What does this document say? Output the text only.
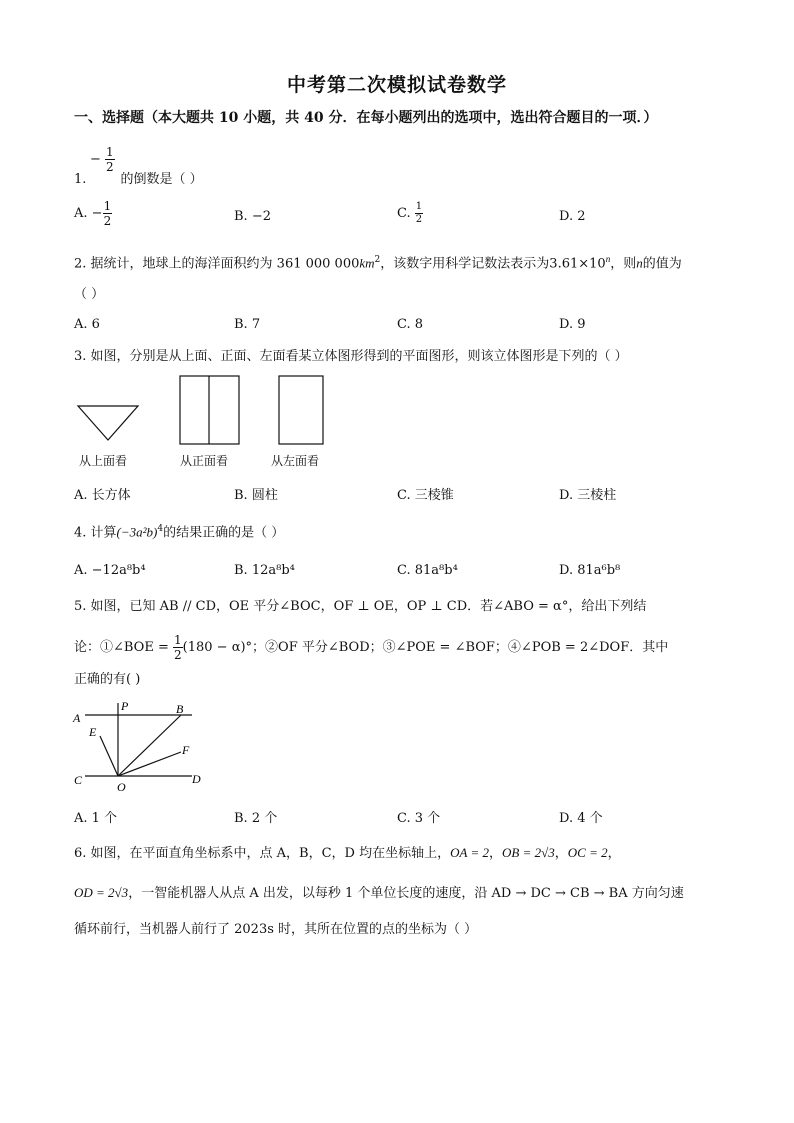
中考第二次模拟试卷数学
一、选择题（本大题共 10 小题，共 40 分．在每小题列出的选项中，选出符合题目的一项．）
− $\frac{1}{2}$
1.	的倒数是（ ）
A. − $\frac{1}{2}$	B. −2	C. $\frac{1}{2}$	D. 2
2. 据统计，地球上的海洋面积约为 361 000 $000km^2$，该数字用科学记数法表示为$3.61\times 10^n$，则n的值为
（ ）
A. 6	B. 7	C. 8	D. 9
3. 如图，分别是从上面、正面、左面看某立体图形得到的平面图形，则该立体图形是下列的（ ）
从上面看	从正面看	从左面看
A. 长方体	B. 圆柱	C. 三棱锥	D. 三棱柱
4. 计算$(-3a^2b)^4$的结果正确的是（ ）
A. −12a⁸b⁴	B. 12a⁸b⁴	C. 81a⁸b⁴	D. 81a⁶b⁸
5. 如图，已知 AB // CD，OE 平分∠BOC，OF ⊥ OE，OP ⊥ CD．若∠ABO = α°，给出下列结
论：①∠BOE = $\frac{1}{2} (180 - \alpha)^\circ$；②OF 平分∠BOD；③∠POE = ∠BOF；④∠POB = 2∠DOF．其中
正确的有( )
A
P	B
E
F
C	O
D
A. 1 个	B. 2 个	C. 3 个	D. 4 个
6. 如图，在平面直角坐标系中，点 A，B，C，D 均在坐标轴上，OA = 2，OB = 2√3，OC = 2，
OD = 2√3，一智能机器人从点 A 出发，以每秒 1 个单位长度的速度，沿 AD → DC → CB → BA 方向匀速
循环前行，当机器人前行了 2023s 时，其所在位置的点的坐标为（ ）
